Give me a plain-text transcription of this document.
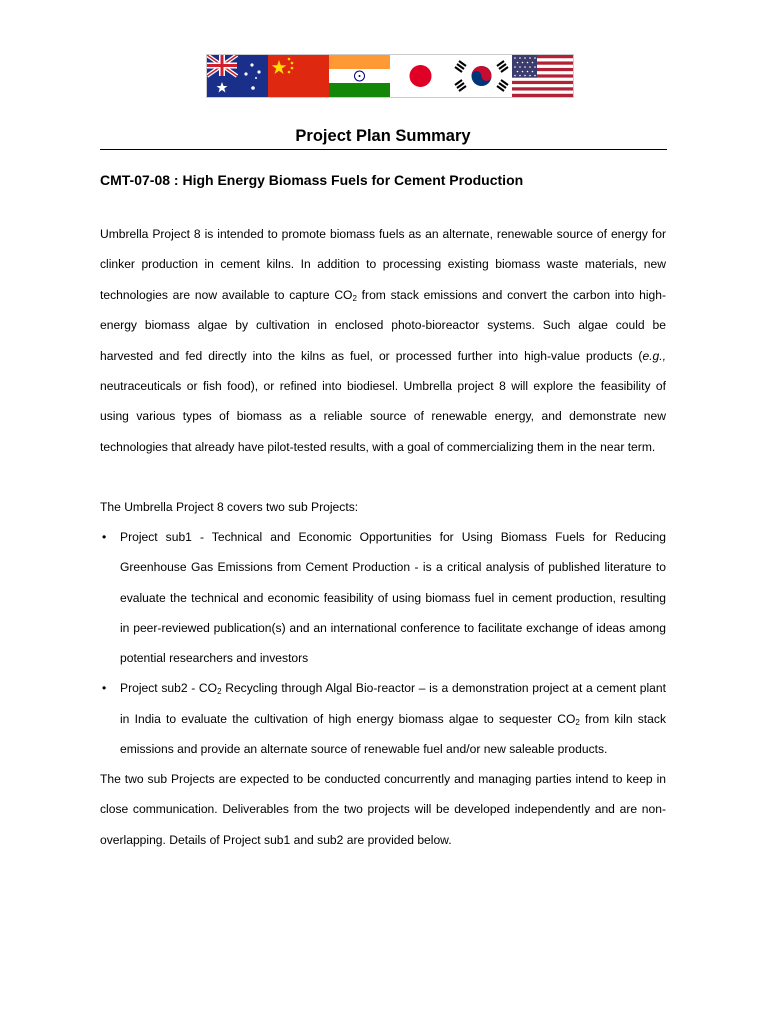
Project Plan Summary
CMT-07-08 : High Energy Biomass Fuels for Cement Production

Umbrella Project 8 is intended to promote biomass fuels as an alternate, renewable source of energy for clinker production in cement kilns. In addition to processing existing biomass waste materials, new technologies are now available to capture $CO_2$ from stack emissions and convert the carbon into high-energy biomass algae by cultivation in enclosed photo-bioreactor systems. Such algae could be harvested and fed directly into the kilns as fuel, or processed further into high-value products (e.g., neutraceuticals or fish food), or refined into biodiesel. Umbrella project 8 will explore the feasibility of using various types of biomass as a reliable source of renewable energy, and demonstrate new technologies that already have pilot-tested results, with a goal of commercializing them in the near term.

The Umbrella Project 8 covers two sub Projects:

• Project sub1 - Technical and Economic Opportunities for Using Biomass Fuels for Reducing Greenhouse Gas Emissions from Cement Production - is a critical analysis of published literature to evaluate the technical and economic feasibility of using biomass fuel in cement production, resulting in peer-reviewed publication(s) and an international conference to facilitate exchange of ideas among potential researchers and investors
• Project $sub2 - CO_2$ Recycling through Algal Bio-reactor – is a demonstration project at a cement plant in India to evaluate the cultivation of high energy biomass algae to sequester $CO_2$ from kiln stack emissions and provide an alternate source of renewable fuel and/or new saleable products.

The two sub Projects are expected to be conducted concurrently and managing parties intend to keep in close communication. Deliverables from the two projects will be developed independently and are non-overlapping. Details of Project sub1 and sub2 are provided below.
